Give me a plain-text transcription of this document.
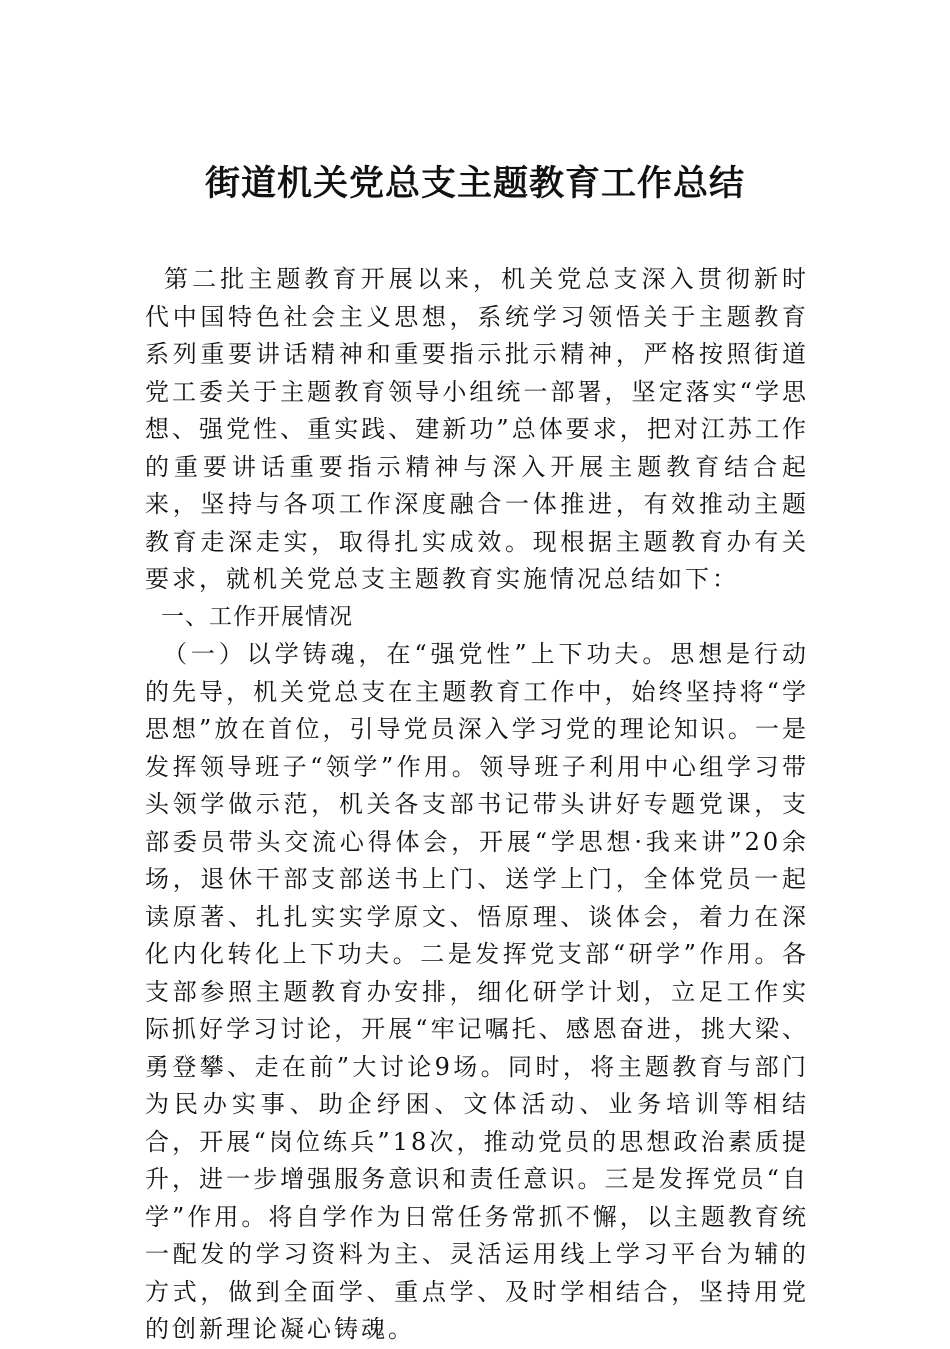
街道机关党总支主题教育工作总结

第二批主题教育开展以来，机关党总支深入贯彻新时代中国特色社会主义思想，系统学习领悟关于主题教育系列重要讲话精神和重要指示批示精神，严格按照街道党工委关于主题教育领导小组统一部署，坚定落实“学思想、强党性、重实践、建新功”总体要求，把对江苏工作的重要讲话重要指示精神与深入开展主题教育结合起来，坚持与各项工作深度融合一体推进，有效推动主题教育走深走实，取得扎实成效。现根据主题教育办有关要求，就机关党总支主题教育实施情况总结如下：

一、工作开展情况

（一）以学铸魂，在“强党性”上下功夫。思想是行动的先导，机关党总支在主题教育工作中，始终坚持将“学思想”放在首位，引导党员深入学习党的理论知识。一是发挥领导班子“领学”作用。领导班子利用中心组学习带头领学做示范，机关各支部书记带头讲好专题党课，支部委员带头交流心得体会，开展“学思想·我来讲”20余场，退休干部支部送书上门、送学上门，全体党员一起读原著、扎扎实实学原文、悟原理、谈体会，着力在深化内化转化上下功夫。二是发挥党支部“研学”作用。各支部参照主题教育办安排，细化研学计划，立足工作实际抓好学习讨论，开展“牢记嘱托、感恩奋进，挑大梁、勇登攀、走在前”大讨论9场。同时，将主题教育与部门为民办实事、助企纾困、文体活动、业务培训等相结合，开展“岗位练兵”18次，推动党员的思想政治素质提升，进一步增强服务意识和责任意识。三是发挥党员“自学”作用。将自学作为日常任务常抓不懈，以主题教育统一配发的学习资料为主、灵活运用线上学习平台为辅的方式，做到全面学、重点学、及时学相结合，坚持用党的创新理论凝心铸魂。
